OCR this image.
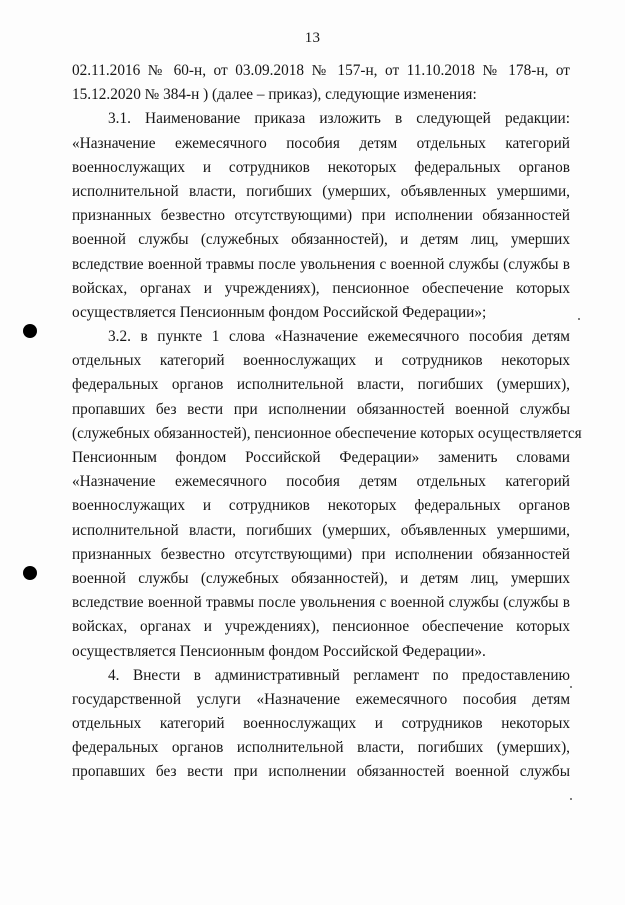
13
02.11.2016 № 60-н, от 03.09.2018 № 157-н, от 11.10.2018 № 178-н, от
15.12.2020 № 384-н ) (далее – приказ), следующие изменения:
3.1. Наименование приказа изложить в следующей редакции:
«Назначение ежемесячного пособия детям отдельных категорий
военнослужащих и сотрудников некоторых федеральных органов
исполнительной власти, погибших (умерших, объявленных умершими,
признанных безвестно отсутствующими) при исполнении обязанностей
военной службы (служебных обязанностей), и детям лиц, умерших
вследствие военной травмы после увольнения с военной службы (службы в
войсках, органах и учреждениях), пенсионное обеспечение которых
осуществляется Пенсионным фондом Российской Федерации»;
3.2. в пункте 1 слова «Назначение ежемесячного пособия детям
отдельных категорий военнослужащих и сотрудников некоторых
федеральных органов исполнительной власти, погибших (умерших),
пропавших без вести при исполнении обязанностей военной службы
(служебных обязанностей), пенсионное обеспечение которых осуществляется
Пенсионным фондом Российской Федерации» заменить словами
«Назначение ежемесячного пособия детям отдельных категорий
военнослужащих и сотрудников некоторых федеральных органов
исполнительной власти, погибших (умерших, объявленных умершими,
признанных безвестно отсутствующими) при исполнении обязанностей
военной службы (служебных обязанностей), и детям лиц, умерших
вследствие военной травмы после увольнения с военной службы (службы в
войсках, органах и учреждениях), пенсионное обеспечение которых
осуществляется Пенсионным фондом Российской Федерации».
4. Внести в административный регламент по предоставлению
государственной услуги «Назначение ежемесячного пособия детям
отдельных категорий военнослужащих и сотрудников некоторых
федеральных органов исполнительной власти, погибших (умерших),
пропавших без вести при исполнении обязанностей военной службы
